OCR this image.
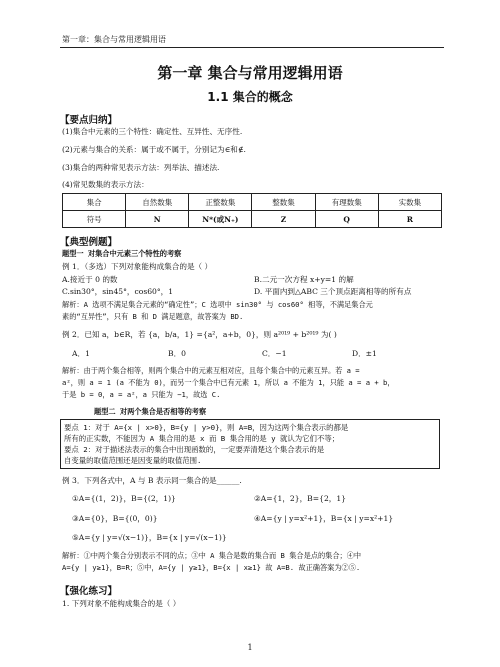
第一章：集合与常用逻辑用语
第一章 集合与常用逻辑用语
1.1 集合的概念
【要点归纳】
(1)集合中元素的三个特性：确定性、互异性、无序性.
(2)元素与集合的关系：属于或不属于，分别记为∈和∉.
(3)集合的两种常见表示方法：列举法、描述法.
(4)常见数集的表示方法：
集合	自然数集	正整数集	整数集	有理数集	实数集
符号	N	N*(或N₊)	Z	Q	R
【典型例题】
题型一 对集合中元素三个特性的考察
例 1．（多选）下列对象能构成集合的是（ ）
A.接近于 0 的数	B.二元一次方程 x+y=1 的解
C.sin30°，sin45°，cos60°，1	D. 平面内到△ABC 三个顶点距离相等的所有点
解析：A 选项不满足集合元素的“确定性”；C 选项中 sin30° 与 cos60° 相等，不满足集合元
素的“互异性”，只有 B 和 D 满足题意，故答案为 BD.
例 2．已知 a，b∈R，若 {a，b/a，1} ={a²，a+b，0}，则 a²⁰¹⁹ + b²⁰¹⁹ 为( )
A．1	B．0	C．−1	D．±1
解析：由于两个集合相等，则两个集合中的元素互相对应，且每个集合中的元素互异。若 a =
a²，则 a = 1 (a 不能为 0)，而另一个集合中已有元素 1，所以 a 不能为 1，只能 a = a + b，
于是 b = 0，a = a²，a 只能为 −1，故选 C.
题型二 对两个集合是否相等的考察
要点 1：对于 A={x | x>0}，B={y | y>0}，则 A=B，因为这两个集合表示的都是
所有的正实数，不能因为 A 集合用的是 x 而 B 集合用的是 y 就认为它们不等；
要点 2：对于描述法表示的集合中出现函数的，一定要弄清楚这个集合表示的是
自变量的取值范围还是因变量的取值范围.
例 3．下列各式中，A 与 B 表示同一集合的是______.
①A={(1，2)}，B={(2，1)}	②A={1，2}，B={2，1}
③A={0}，B={(0，0)}	④A={y | y=x²+1}，B={x | y=x²+1}
⑤A={y | y=√(x−1)}，B={x | y=√(x−1)}
解析：①中两个集合分别表示不同的点；③中 A 集合是数的集合而 B 集合是点的集合；④中
A={y | y≥1}，B=R；⑤中，A={y | y≥1}，B={x | x≥1} 故 A=B. 故正确答案为②⑤.
【强化练习】
1. 下列对象不能构成集合的是（ ）
1
